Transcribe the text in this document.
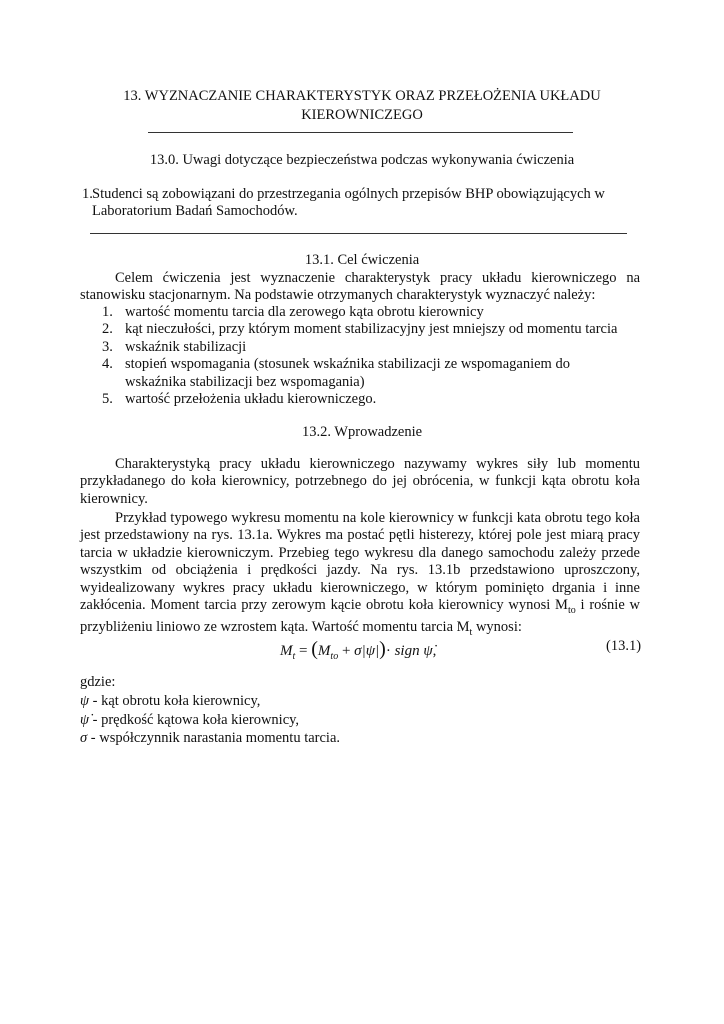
13. WYZNACZANIE CHARAKTERYSTYK ORAZ PRZEŁOŻENIA UKŁADU KIEROWNICZEGO
13.0. Uwagi dotyczące bezpieczeństwa podczas wykonywania ćwiczenia
1. Studenci są zobowiązani do przestrzegania ogólnych przepisów BHP obowiązujących w Laboratorium Badań Samochodów.
13.1. Cel ćwiczenia
Celem ćwiczenia jest wyznaczenie charakterystyk pracy układu kierowniczego na stanowisku stacjonarnym. Na podstawie otrzymanych charakterystyk wyznaczyć należy:
1. wartość momentu tarcia dla zerowego kąta obrotu kierownicy
2. kąt nieczułości, przy którym moment stabilizacyjny jest mniejszy od momentu tarcia
3. wskaźnik stabilizacji
4. stopień wspomagania (stosunek wskaźnika stabilizacji ze wspomaganiem do wskaźnika stabilizacji bez wspomagania)
5. wartość przełożenia układu kierowniczego.
13.2. Wprowadzenie
Charakterystyką pracy układu kierowniczego nazywamy wykres siły lub momentu przykładanego do koła kierownicy, potrzebnego do jej obrócenia, w funkcji kąta obrotu koła kierownicy.
Przykład typowego wykresu momentu na kole kierownicy w funkcji kata obrotu tego koła jest przedstawiony na rys. 13.1a. Wykres ma postać pętli histerezy, której pole jest miarą pracy tarcia w układzie kierowniczym. Przebieg tego wykresu dla danego samochodu zależy przede wszystkim od obciążenia i prędkości jazdy. Na rys. 13.1b przedstawiono uproszczony, wyidealizowany wykres pracy układu kierowniczego, w którym pominięto drgania i inne zakłócenia. Moment tarcia przy zerowym kącie obrotu koła kierownicy wynosi $M_{to}$ i rośnie w przybliżeniu liniowo ze wzrostem kąta. Wartość momentu tarcia $M_t$ wynosi:
$M_t = (M_{to} + \sigma|\psi|)\cdot$ sign ψ̇,	(13.1)
gdzie:
ψ - kąt obrotu koła kierownicy,
ψ̇ - prędkość kątowa koła kierownicy,
σ - współczynnik narastania momentu tarcia.
